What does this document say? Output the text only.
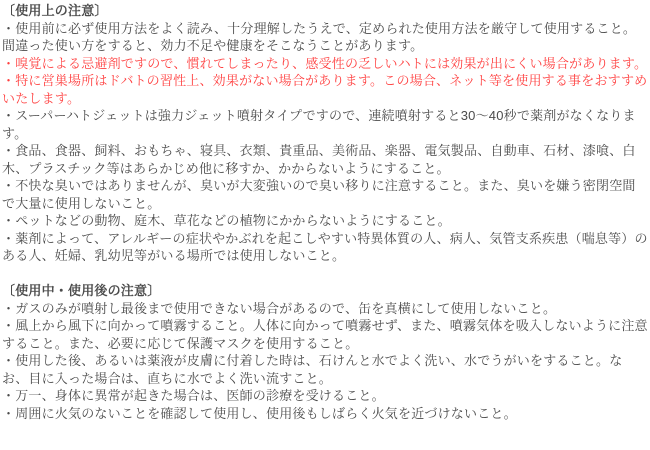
〔使用上の注意〕
・使用前に必ず使用方法をよく読み、十分理解したうえで、定められた使用方法を厳守して使用すること。間違った使い方をすると、効力不足や健康をそこなうことがあります。
・嗅覚による忌避剤ですので、慣れてしまったり、感受性の乏しいハトには効果が出にくい場合があります。
・特に営巣場所はドバトの習性上、効果がない場合があります。この場合、ネット等を使用する事をおすすめいたします。
・スーパーハトジェットは強力ジェット噴射タイプですので、連続噴射すると30～40秒で薬剤がなくなります。
・食品、食器、飼料、おもちゃ、寝具、衣類、貴重品、美術品、楽器、電気製品、自動車、石材、漆喰、白木、プラスチック等はあらかじめ他に移すか、かからないようにすること。
・不快な臭いではありませんが、臭いが大変強いので臭い移りに注意すること。また、臭いを嫌う密閉空間で大量に使用しないこと。
・ペットなどの動物、庭木、草花などの植物にかからないようにすること。
・薬剤によって、アレルギーの症状やかぶれを起こしやすい特異体質の人、病人、気管支系疾患（喘息等）のある人、妊婦、乳幼児等がいる場所では使用しないこと。
〔使用中・使用後の注意〕
・ガスのみが噴射し最後まで使用できない場合があるので、缶を真横にして使用しないこと。
・風上から風下に向かって噴霧すること。人体に向かって噴霧せず、また、噴霧気体を吸入しないように注意すること。また、必要に応じて保護マスクを使用すること。
・使用した後、あるいは薬液が皮膚に付着した時は、石けんと水でよく洗い、水でうがいをすること。なお、目に入った場合は、直ちに水でよく洗い流すこと。
・万一、身体に異常が起きた場合は、医師の診療を受けること。
・周囲に火気のないことを確認して使用し、使用後もしばらく火気を近づけないこと。
